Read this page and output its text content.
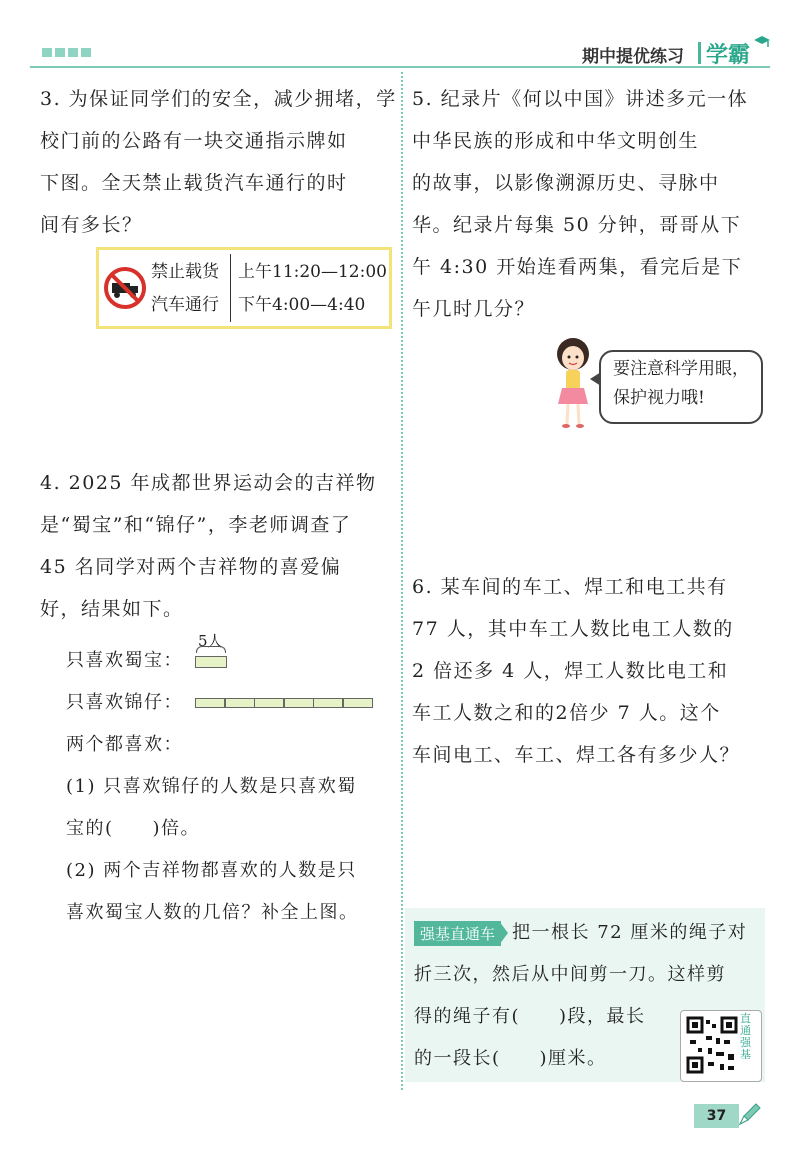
期中提优练习 学霸
3. 为保证同学们的安全，减少拥堵，学
校门前的公路有一块交通指示牌如
下图。全天禁止载货汽车通行的时
间有多长？
禁止载货
汽车通行
上午11:20—12:00
下午4:00—4:40
4. 2025 年成都世界运动会的吉祥物
是“蜀宝”和“锦仔”，李老师调查了
45 名同学对两个吉祥物的喜爱偏
好，结果如下。
只喜欢蜀宝：
5人
只喜欢锦仔：
两个都喜欢：
(1) 只喜欢锦仔的人数是只喜欢蜀
宝的(　　)倍。
(2) 两个吉祥物都喜欢的人数是只
喜欢蜀宝人数的几倍？补全上图。
5. 纪录片《何以中国》讲述多元一体
中华民族的形成和中华文明创生
的故事，以影像溯源历史、寻脉中
华。纪录片每集 50 分钟，哥哥从下
午 4:30 开始连看两集，看完后是下
午几时几分？
要注意科学用眼，
保护视力哦!
6. 某车间的车工、焊工和电工共有
77 人，其中车工人数比电工人数的
2 倍还多 4 人，焊工人数比电工和
车工人数之和的2倍少 7 人。这个
车间电工、车工、焊工各有多少人？
强基直通车 把一根长 72 厘米的绳子对
折三次，然后从中间剪一刀。这样剪
得的绳子有(　　)段，最长
的一段长(　　)厘米。
直通强基
37
